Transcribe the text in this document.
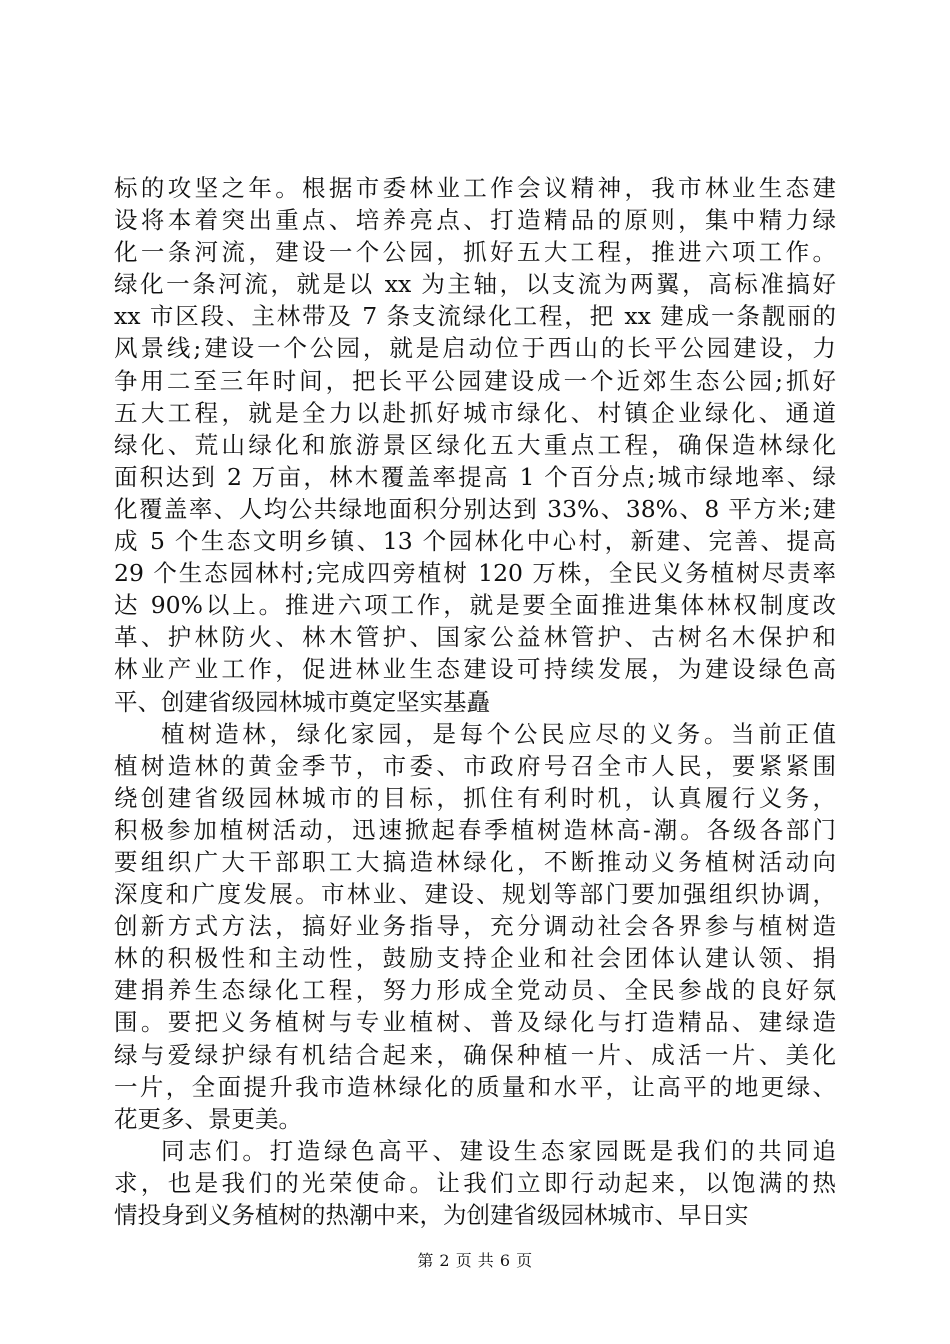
标的攻坚之年。根据市委林业工作会议精神，我市林业生态建
设将本着突出重点、培养亮点、打造精品的原则，集中精力绿
化一条河流，建设一个公园，抓好五大工程，推进六项工作。
绿化一条河流，就是以 xx 为主轴，以支流为两翼，高标准搞好
xx 市区段、主林带及 7 条支流绿化工程，把 xx 建成一条靓丽的
风景线;建设一个公园，就是启动位于西山的长平公园建设，力
争用二至三年时间，把长平公园建设成一个近郊生态公园;抓好
五大工程，就是全力以赴抓好城市绿化、村镇企业绿化、通道
绿化、荒山绿化和旅游景区绿化五大重点工程，确保造林绿化
面积达到 2 万亩，林木覆盖率提高 1 个百分点;城市绿地率、绿
化覆盖率、人均公共绿地面积分别达到 33%、38%、8 平方米;建
成 5 个生态文明乡镇、13 个园林化中心村，新建、完善、提高
29 个生态园林村;完成四旁植树 120 万株，全民义务植树尽责率
达 90%以上。推进六项工作，就是要全面推进集体林权制度改
革、护林防火、林木管护、国家公益林管护、古树名木保护和
林业产业工作，促进林业生态建设可持续发展，为建设绿色高
平、创建省级园林城市奠定坚实基矗
植树造林，绿化家园，是每个公民应尽的义务。当前正值
植树造林的黄金季节，市委、市政府号召全市人民，要紧紧围
绕创建省级园林城市的目标，抓住有利时机，认真履行义务，
积极参加植树活动，迅速掀起春季植树造林高-潮。各级各部门
要组织广大干部职工大搞造林绿化，不断推动义务植树活动向
深度和广度发展。市林业、建设、规划等部门要加强组织协调，
创新方式方法，搞好业务指导，充分调动社会各界参与植树造
林的积极性和主动性，鼓励支持企业和社会团体认建认领、捐
建捐养生态绿化工程，努力形成全党动员、全民参战的良好氛
围。要把义务植树与专业植树、普及绿化与打造精品、建绿造
绿与爱绿护绿有机结合起来，确保种植一片、成活一片、美化
一片，全面提升我市造林绿化的质量和水平，让高平的地更绿、
花更多、景更美。
同志们。打造绿色高平、建设生态家园既是我们的共同追
求，也是我们的光荣使命。让我们立即行动起来，以饱满的热
情投身到义务植树的热潮中来，为创建省级园林城市、早日实
第 2 页 共 6 页
